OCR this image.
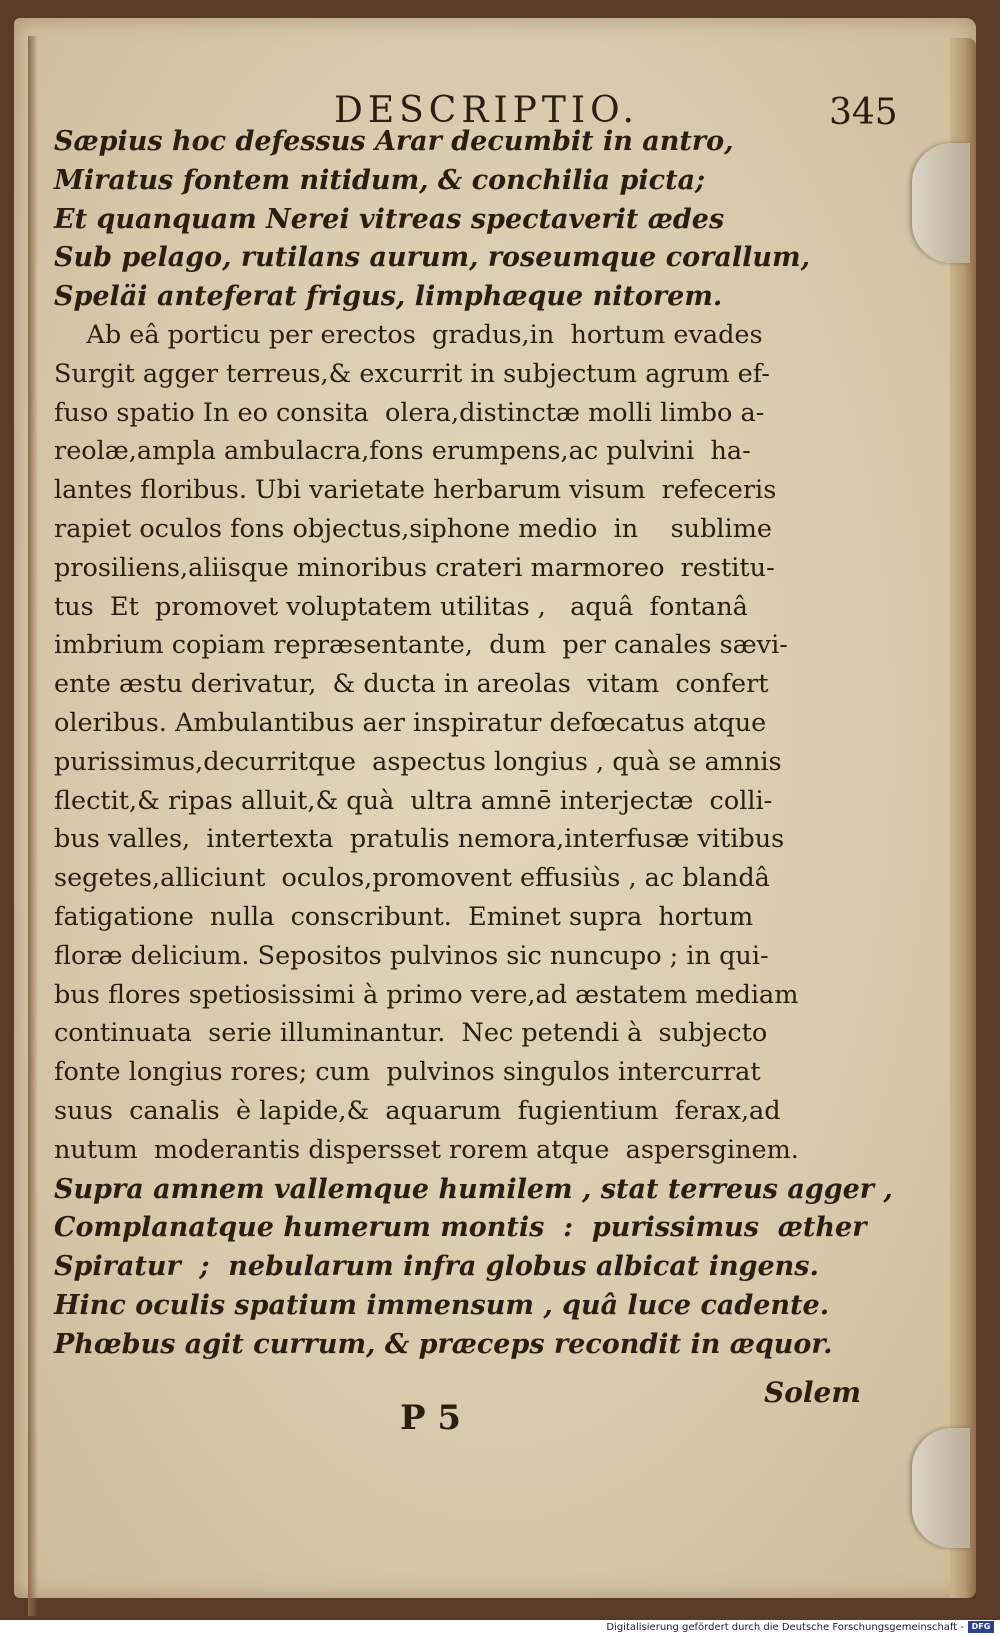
DESCRIPTIO.	345

Sæpius hoc defessus Arar decumbit in antro,

Miratus fontem nitidum, & conchilia picta;

Et quanquam Nerei vitreas spectaverit ædes

Sub pelago, rutilans aurum, roseumque corallum,

Speläi anteferat frigus, limphæque nitorem.

Ab eâ porticu per erectos  gradus,in  hortum evades

Surgit agger terreus,& excurrit in subjectum agrum ef-

fuso spatio In eo consita  olera,distinctæ molli limbo a-

reolæ,ampla ambulacra,fons erumpens,ac pulvini  ha-

lantes floribus. Ubi varietate herbarum visum  refeceris

rapiet oculos fons objectus,siphone medio  in    sublime

prosiliens,aliisque minoribus crateri marmoreo  restitu-

tus  Et  promovet voluptatem utilitas ,   aquâ  fontanâ

imbrium copiam repræsentante,  dum  per canales sævi-

ente æstu derivatur,  & ducta in areolas  vitam  confert

oleribus. Ambulantibus aer inspiratur defœcatus atque

purissimus,decurritque  aspectus longius , quà se amnis

flectit,& ripas alluit,& quà  ultra amnē interjectæ  colli-

bus valles,  intertexta  pratulis nemora,interfusæ vitibus

segetes,alliciunt  oculos,promovent effusiùs , ac blandâ

fatigatione  nulla  conscribunt.  Eminet supra  hortum

floræ delicium. Sepositos pulvinos sic nuncupo ; in qui-

bus flores spetiosissimi à primo vere,ad æstatem mediam

continuata  serie illuminantur.  Nec petendi à  subjecto

fonte longius rores; cum  pulvinos singulos intercurrat

suus  canalis  è lapide,&  aquarum  fugientium  ferax,ad

nutum  moderantis dispersset rorem atque  aspersginem.

Supra amnem vallemque humilem , stat terreus agger ,

Complanatque humerum montis  :  purissimus  æther

Spiratur  ;  nebularum infra globus albicat ingens.

Hinc oculis spatium immensum , quâ luce cadente.

Phœbus agit currum, & præceps recondit in æquor.

P 5

Solem

Digitalisierung gefördert durch die Deutsche Forschungsgemeinschaft - DFG
